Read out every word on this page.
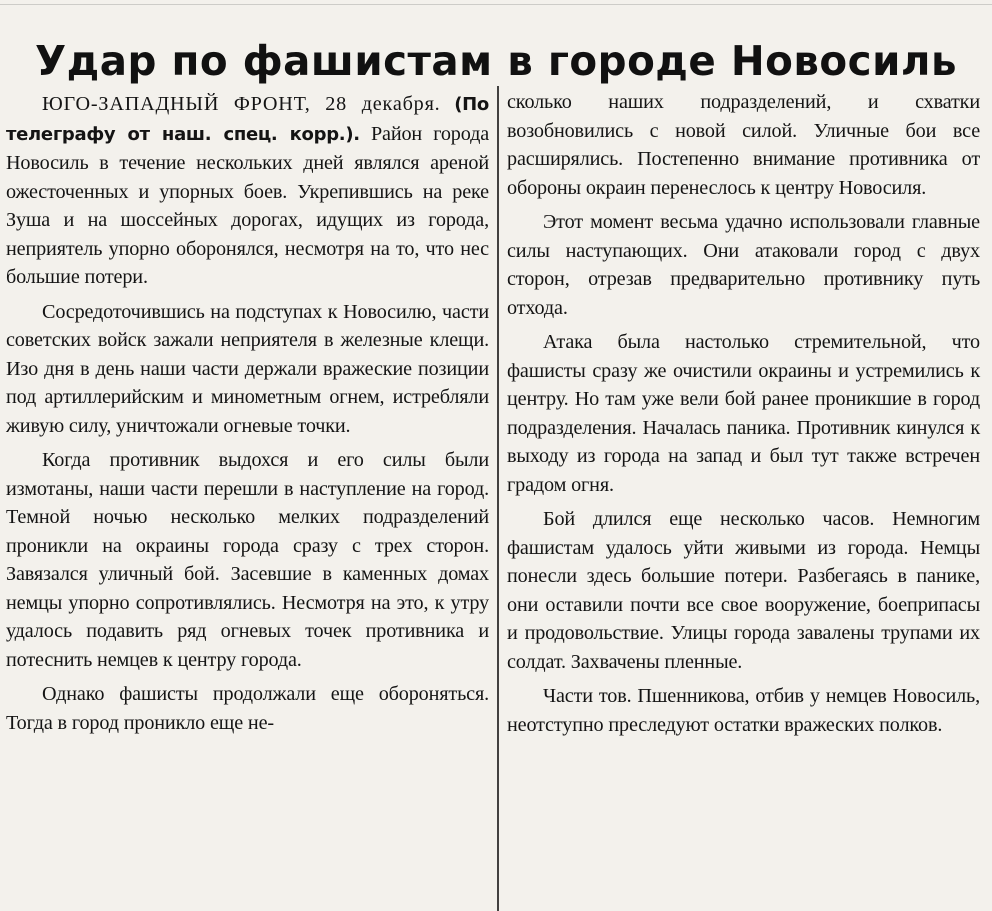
Удар по фашистам в городе Новосиль

ЮГО-ЗАПАДНЫЙ ФРОНТ, 28 декабря. (По телеграфу от наш. спец. корр.). Район города Новосиль в течение нескольких дней являлся ареной ожесточенных и упорных боев. Укрепившись на реке Зуша и на шоссейных дорогах, идущих из города, неприятель упорно оборонялся, несмотря на то, что нес большие потери.

Сосредоточившись на подступах к Новосилю, части советских войск зажали неприятеля в железные клещи. Изо дня в день наши части держали вражеские позиции под артиллерийским и минометным огнем, истребляли живую силу, уничтожали огневые точки.

Когда противник выдохся и его силы были измотаны, наши части перешли в наступление на город. Темной ночью несколько мелких подразделений проникли на окраины города сразу с трех сторон. Завязался уличный бой. Засевшие в каменных домах немцы упорно сопротивлялись. Несмотря на это, к утру удалось подавить ряд огневых точек противника и потеснить немцев к центру города.

Однако фашисты продолжали еще обороняться. Тогда в город проникло еще не-

сколько наших подразделений, и схватки возобновились с новой силой. Уличные бои все расширялись. Постепенно внимание противника от обороны окраин перенеслось к центру Новосиля.

Этот момент весьма удачно использовали главные силы наступающих. Они атаковали город с двух сторон, отрезав предварительно противнику путь отхода.

Атака была настолько стремительной, что фашисты сразу же очистили окраины и устремились к центру. Но там уже вели бой ранее проникшие в город подразделения. Началась паника. Противник кинулся к выходу из города на запад и был тут также встречен градом огня.

Бой длился еще несколько часов. Немногим фашистам удалось уйти живыми из города. Немцы понесли здесь большие потери. Разбегаясь в панике, они оставили почти все свое вооружение, боеприпасы и продовольствие. Улицы города завалены трупами их солдат. Захвачены пленные.

Части тов. Пшенникова, отбив у немцев Новосиль, неотступно преследуют остатки вражеских полков.
